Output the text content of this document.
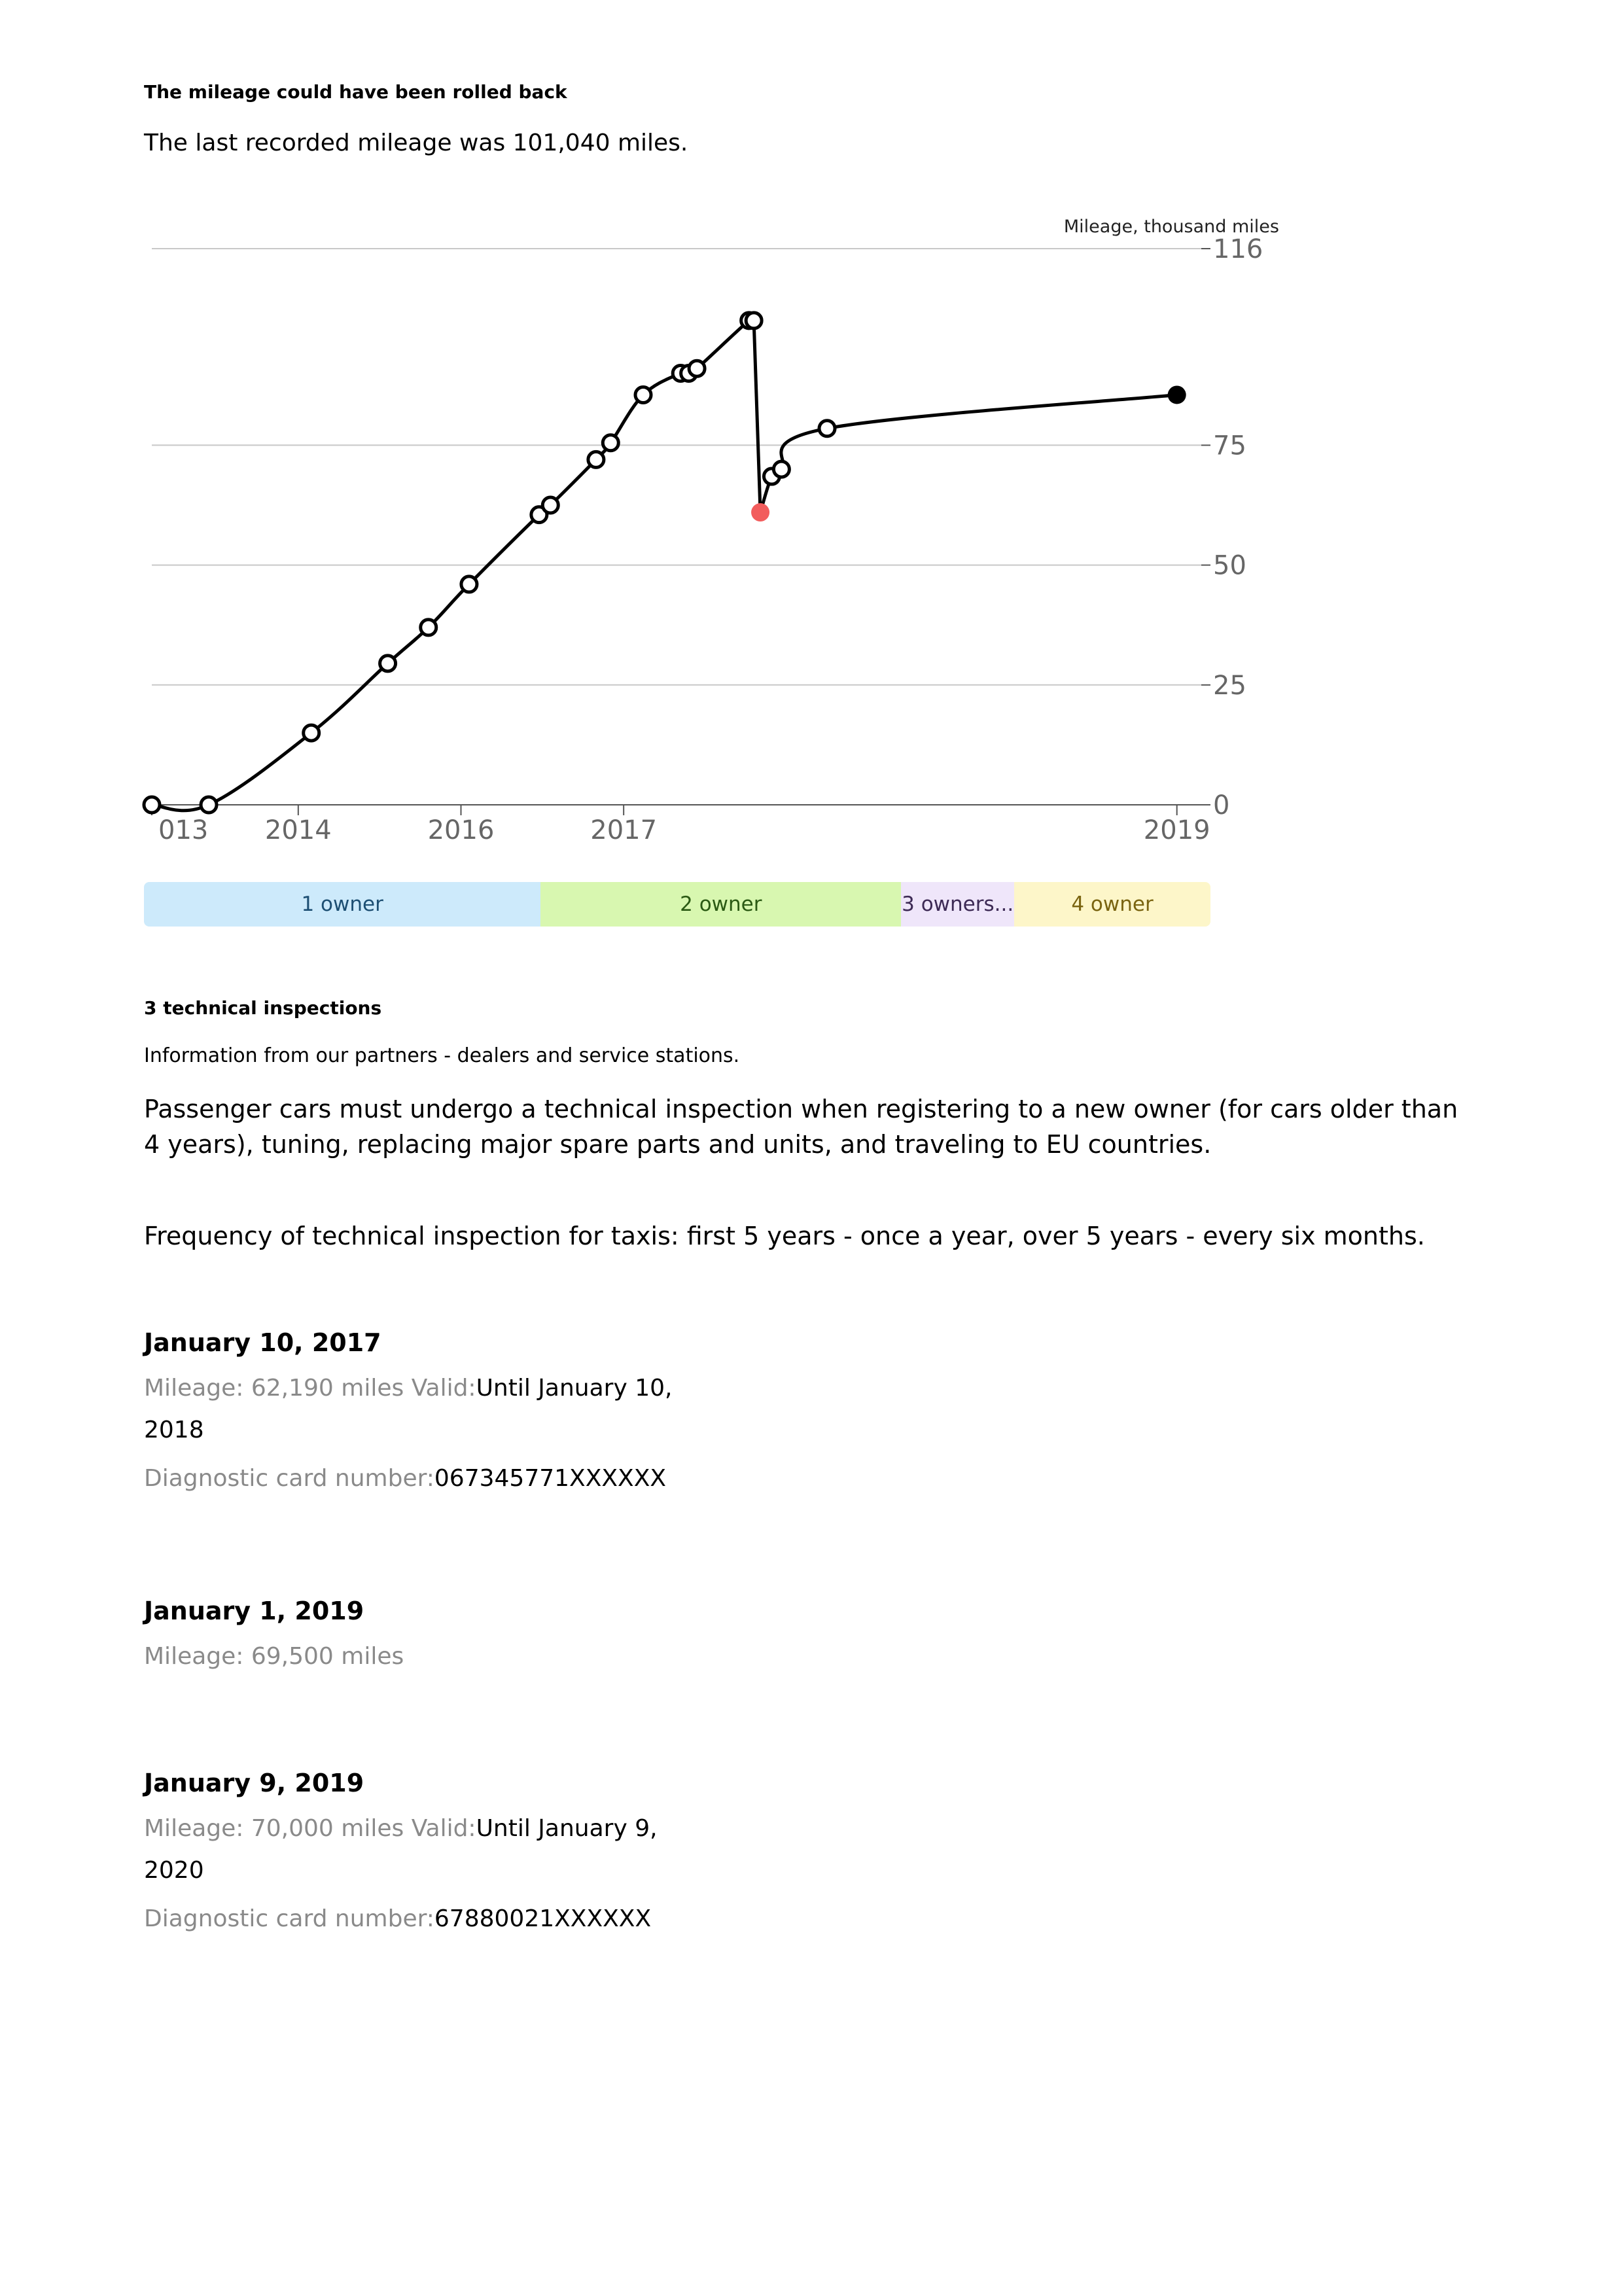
The mileage could have been rolled back
The last recorded mileage was 101,040 miles.
0
25
50
75
116
013 2014	2016	2017	2019
Mileage, thousand miles
1 owner	2 owner	3 owners...	4 owner
3 technical inspections
Information from our partners - dealers and service stations.
Passenger cars must undergo a technical inspection when registering to a new owner (for cars older than 4 years), tuning, replacing major spare parts and units, and traveling to EU countries.
Frequency of technical inspection for taxis: first 5 years - once a year, over 5 years - every six months.
January 10, 2017
Mileage: 62,190 miles Valid:Until January 10,
2018
Diagnostic card number:067345771XXXXXX
January 1, 2019
Mileage: 69,500 miles
January 9, 2019
Mileage: 70,000 miles Valid:Until January 9,
2020
Diagnostic card number:67880021XXXXXX
